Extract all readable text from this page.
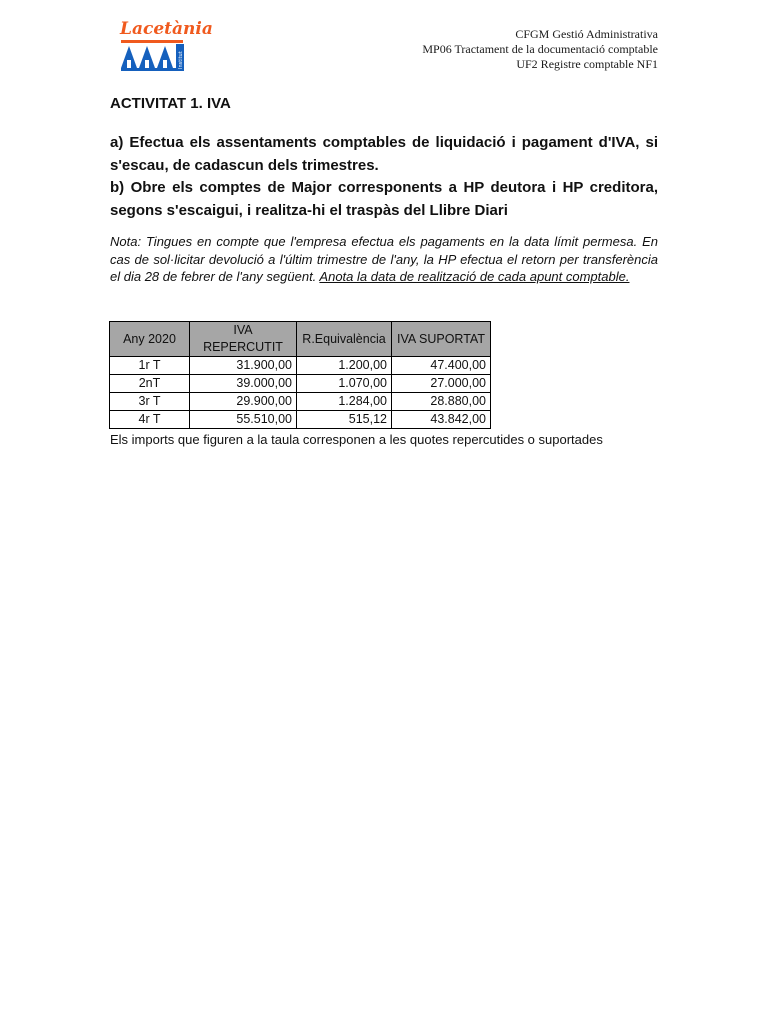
Lacetània
Institut
CFGM Gestió Administrativa
MP06 Tractament de la documentació comptable
UF2 Registre comptable NF1
ACTIVITAT 1. IVA

a) Efectua els assentaments comptables de liquidació i pagament d'IVA, si s'escau, de cadascun dels trimestres.

b) Obre els comptes de Major corresponents a HP deutora i HP creditora, segons s'escaigui, i realitza-hi el traspàs del Llibre Diari

Nota: Tingues en compte que l'empresa efectua els pagaments en la data límit permesa. En cas de sol·licitar devolució a l'últim trimestre de l'any, la HP efectua el retorn per transferència el dia 28 de febrer de l'any següent. Anota la data de realització de cada apunt comptable.

Any 2020	IVA REPERCUTIT	R.Equivalència	IVA SUPORTAT
1r T	31.900,00	1.200,00	47.400,00
2nT	39.000,00	1.070,00	27.000,00
3r T	29.900,00	1.284,00	28.880,00
4r T	55.510,00	515,12	43.842,00

Els imports que figuren a la taula corresponen a les quotes repercutides o suportades
